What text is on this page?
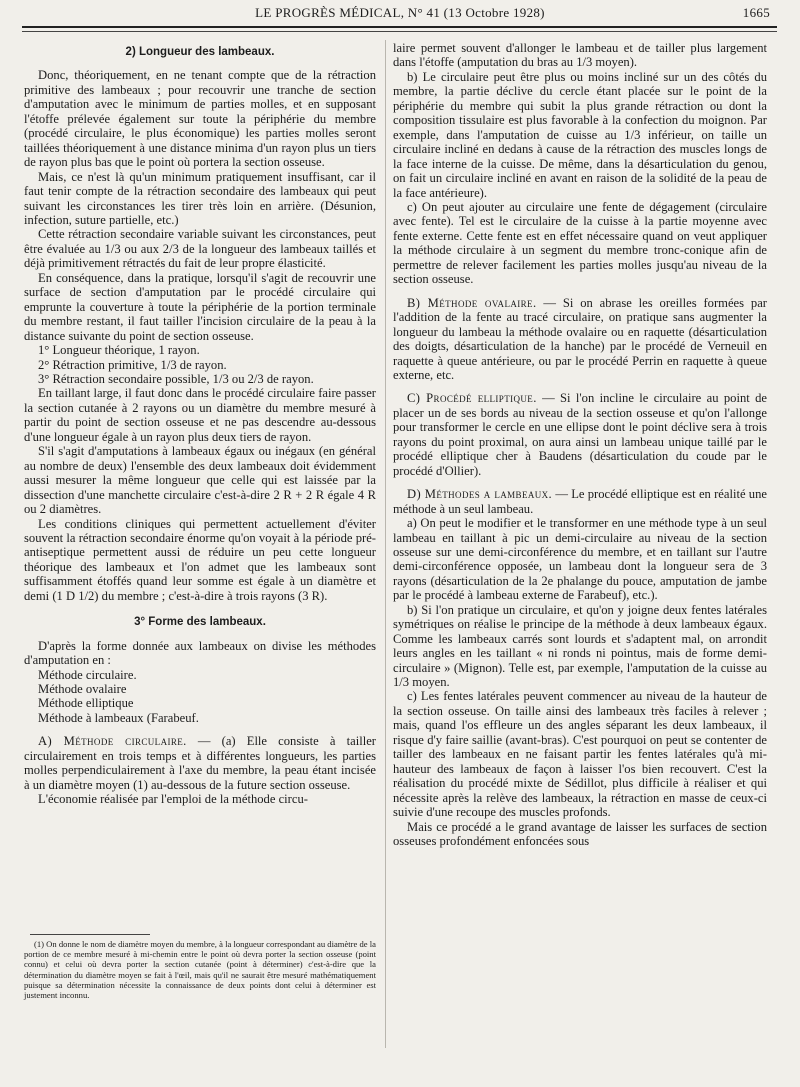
LE PROGRÈS MÉDICAL, N° 41 (13 Octobre 1928)	1665
2) Longueur des lambeaux.

Donc, théoriquement, en ne tenant compte que de la rétraction primitive des lambeaux ; pour recouvrir une tranche de section d'amputation avec le minimum de parties molles, et en supposant l'étoffe prélevée également sur toute la périphérie du membre (procédé circulaire, le plus économique) les parties molles seront taillées théoriquement à une distance minima d'un rayon plus un tiers de rayon plus bas que le point où portera la section osseuse.

Mais, ce n'est là qu'un minimum pratiquement insuffisant, car il faut tenir compte de la rétraction secondaire des lambeaux qui peut suivant les circonstances les tirer très loin en arrière. (Désunion, infection, suture partielle, etc.)

Cette rétraction secondaire variable suivant les circonstances, peut être évaluée au 1/3 ou aux 2/3 de la longueur des lambeaux taillés et déjà primitivement rétractés du fait de leur propre élasticité.

En conséquence, dans la pratique, lorsqu'il s'agit de recouvrir une surface de section d'amputation par le procédé circulaire qui emprunte la couverture à toute la périphérie de la portion terminale du membre restant, il faut tailler l'incision circulaire de la peau à la distance suivante du point de section osseuse.

1° Longueur théorique, 1 rayon.

2° Rétraction primitive, 1/3 de rayon.

3° Rétraction secondaire possible, 1/3 ou 2/3 de rayon.

En taillant large, il faut donc dans le procédé circulaire faire passer la section cutanée à 2 rayons ou un diamètre du membre mesuré à partir du point de section osseuse et ne pas descendre au-dessous d'une longueur égale à un rayon plus deux tiers de rayon.

S'il s'agit d'amputations à lambeaux égaux ou inégaux (en général au nombre de deux) l'ensemble des deux lambeaux doit évidemment aussi mesurer la même longueur que celle qui est laissée par la dissection d'une manchette circulaire c'est-à-dire 2 R + 2 R égale 4 R ou 2 diamètres.

Les conditions cliniques qui permettent actuellement d'éviter souvent la rétraction secondaire énorme qu'on voyait à la période pré-antiseptique permettent aussi de réduire un peu cette longueur théorique des lambeaux et l'on admet que les lambeaux sont suffisamment étoffés quand leur somme est égale à un diamètre et demi (1 D 1/2) du membre ; c'est-à-dire à trois rayons (3 R).

3° Forme des lambeaux.

D'après la forme donnée aux lambeaux on divise les méthodes d'amputation en :

Méthode circulaire.

Méthode ovalaire

Méthode elliptique

Méthode à lambeaux (Farabeuf.

A) Méthode circulaire. — (a) Elle consiste à tailler circulairement en trois temps et à différentes longueurs, les parties molles perpendiculairement à l'axe du membre, la peau étant incisée à un diamètre moyen (1) au-dessous de la future section osseuse.

L'économie réalisée par l'emploi de la méthode circu-

(1) On donne le nom de diamètre moyen du membre, à la longueur correspondant au diamètre de la portion de ce membre mesuré à mi-chemin entre le point où devra porter la section osseuse (point connu) et celui où devra porter la section cutanée (point à déterminer) c'est-à-dire que la détermination du diamètre moyen se fait à l'œil, mais qu'il ne saurait être mesuré mathématiquement puisque sa détermination nécessite la connaissance de deux points dont celui à déterminer est justement inconnu.

laire permet souvent d'allonger le lambeau et de tailler plus largement dans l'étoffe (amputation du bras au 1/3 moyen).

b) Le circulaire peut être plus ou moins incliné sur un des côtés du membre, la partie déclive du cercle étant placée sur le point de la périphérie du membre qui subit la plus grande rétraction ou dont la composition tissulaire est plus favorable à la confection du moignon. Par exemple, dans l'amputation de cuisse au 1/3 inférieur, on taille un circulaire incliné en dedans à cause de la rétraction des muscles longs de la face interne de la cuisse. De même, dans la désarticulation du genou, on fait un circulaire incliné en avant en raison de la solidité de la peau de la face antérieure).

c) On peut ajouter au circulaire une fente de dégagement (circulaire avec fente). Tel est le circulaire de la cuisse à la partie moyenne avec fente externe. Cette fente est en effet nécessaire quand on veut appliquer la méthode circulaire à un segment du membre tronc-conique afin de permettre de relever facilement les parties molles jusqu'au niveau de la section osseuse.

B) Méthode ovalaire. — Si on abrase les oreilles formées par l'addition de la fente au tracé circulaire, on pratique sans augmenter la longueur du lambeau la méthode ovalaire ou en raquette (désarticulation des doigts, désarticulation de la hanche) par le procédé de Verneuil en raquette à queue antérieure, ou par le procédé Perrin en raquette à queue externe, etc.

C) Procédé elliptique. — Si l'on incline le circulaire au point de placer un de ses bords au niveau de la section osseuse et qu'on l'allonge pour transformer le cercle en une ellipse dont le point déclive sera à trois rayons du point proximal, on aura ainsi un lambeau unique taillé par le procédé elliptique cher à Baudens (désarticulation du coude par le procédé d'Ollier).

D) Méthodes a lambeaux. — Le procédé elliptique est en réalité une méthode à un seul lambeau.

a) On peut le modifier et le transformer en une méthode type à un seul lambeau en taillant à pic un demi-circulaire au niveau de la section osseuse sur une demi-circonférence du membre, et en taillant sur l'autre demi-circonférence opposée, un lambeau dont la longueur sera de 3 rayons (désarticulation de la 2e phalange du pouce, amputation de jambe par le procédé à lambeau externe de Farabeuf), etc.).

b) Si l'on pratique un circulaire, et qu'on y joigne deux fentes latérales symétriques on réalise le principe de la méthode à deux lambeaux égaux. Comme les lambeaux carrés sont lourds et s'adaptent mal, on arrondit leurs angles en les taillant « ni ronds ni pointus, mais de forme demi-circulaire » (Mignon). Telle est, par exemple, l'amputation de la cuisse au 1/3 moyen.

c) Les fentes latérales peuvent commencer au niveau de la hauteur de la section osseuse. On taille ainsi des lambeaux très faciles à relever ; mais, quand l'os effleure un des angles séparant les deux lambeaux, il risque d'y faire saillie (avant-bras). C'est pourquoi on peut se contenter de tailler des lambeaux en ne faisant partir les fentes latérales qu'à mi-hauteur des lambeaux de façon à laisser l'os bien recouvert. C'est la réalisation du procédé mixte de Sédillot, plus difficile à réaliser et qui nécessite après la relève des lambeaux, la rétraction en masse de ceux-ci suivie d'une recoupe des muscles profonds.

Mais ce procédé a le grand avantage de laisser les surfaces de section osseuses profondément enfoncées sous
